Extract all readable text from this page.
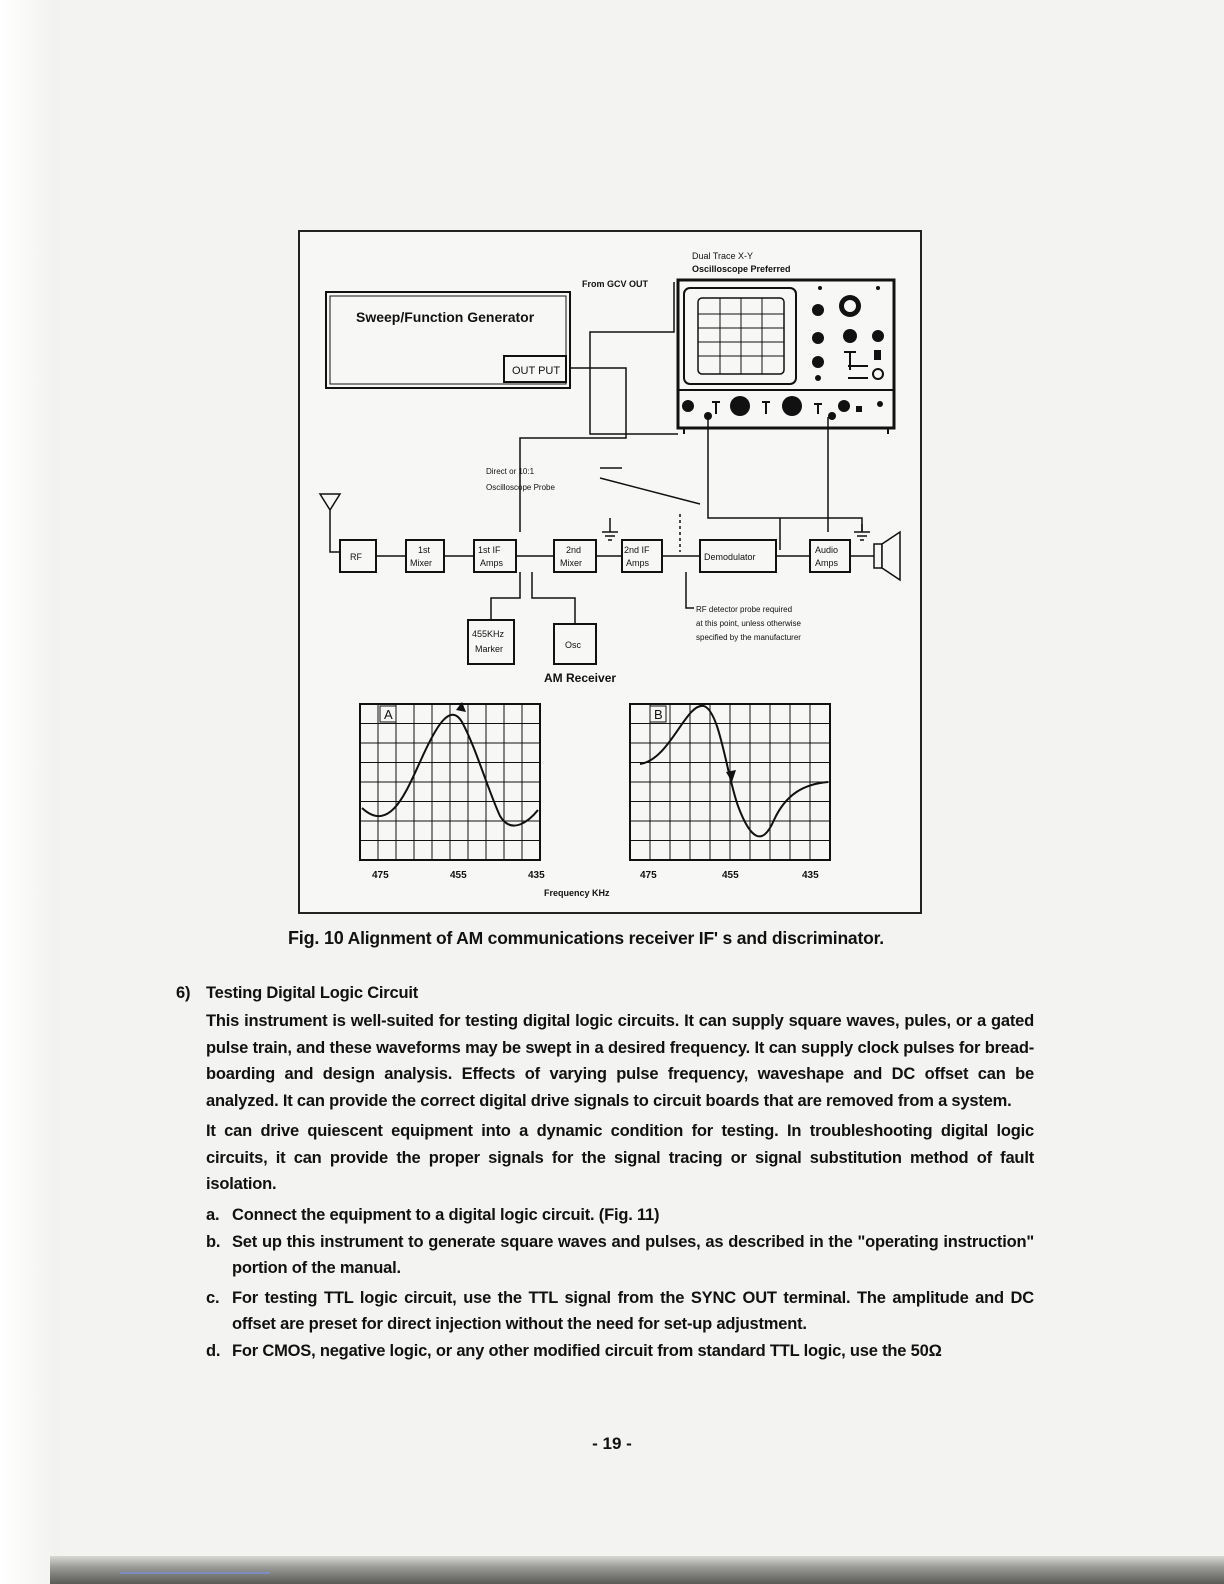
Sweep/Function Generator
OUT PUT
Dual Trace X-Y
Oscilloscope Preferred
From GCV OUT
Direct or 10:1
Oscilloscope Probe
RF
1st
Mixer
1st IF
Amps
2nd
Mixer
2nd IF
Amps
Demodulator
Audio
Amps
455KHz
Marker	Osc
RF detector probe required
at this point, unless otherwise
specified by the manufacturer
AM Receiver
A	B
475	455	435	475	455	435
Frequency KHz
Fig. 10 Alignment of AM communications receiver IF' s and discriminator.
6) Testing Digital Logic Circuit
This instrument is well-suited for testing digital logic circuits. It can supply square waves, pules, or a gated pulse train, and these waveforms may be swept in a desired frequency. It can supply clock pulses for bread-boarding and design analysis. Effects of varying pulse frequency, waveshape and DC offset can be analyzed. It can provide the correct digital drive signals to circuit boards that are removed from a system.
It can drive quiescent equipment into a dynamic condition for testing. In troubleshooting digital logic circuits, it can provide the proper signals for the signal tracing or signal substitution method of fault isolation.
a. Connect the equipment to a digital logic circuit. (Fig. 11)
b. Set up this instrument to generate square waves and pulses, as described in the "operating instruction" portion of the manual.
c. For testing TTL logic circuit, use the TTL signal from the SYNC OUT terminal. The amplitude and DC offset are preset for direct injection without the need for set-up adjustment.
d. For CMOS, negative logic, or any other modified circuit from standard TTL logic, use the 50Ω
- 19 -
